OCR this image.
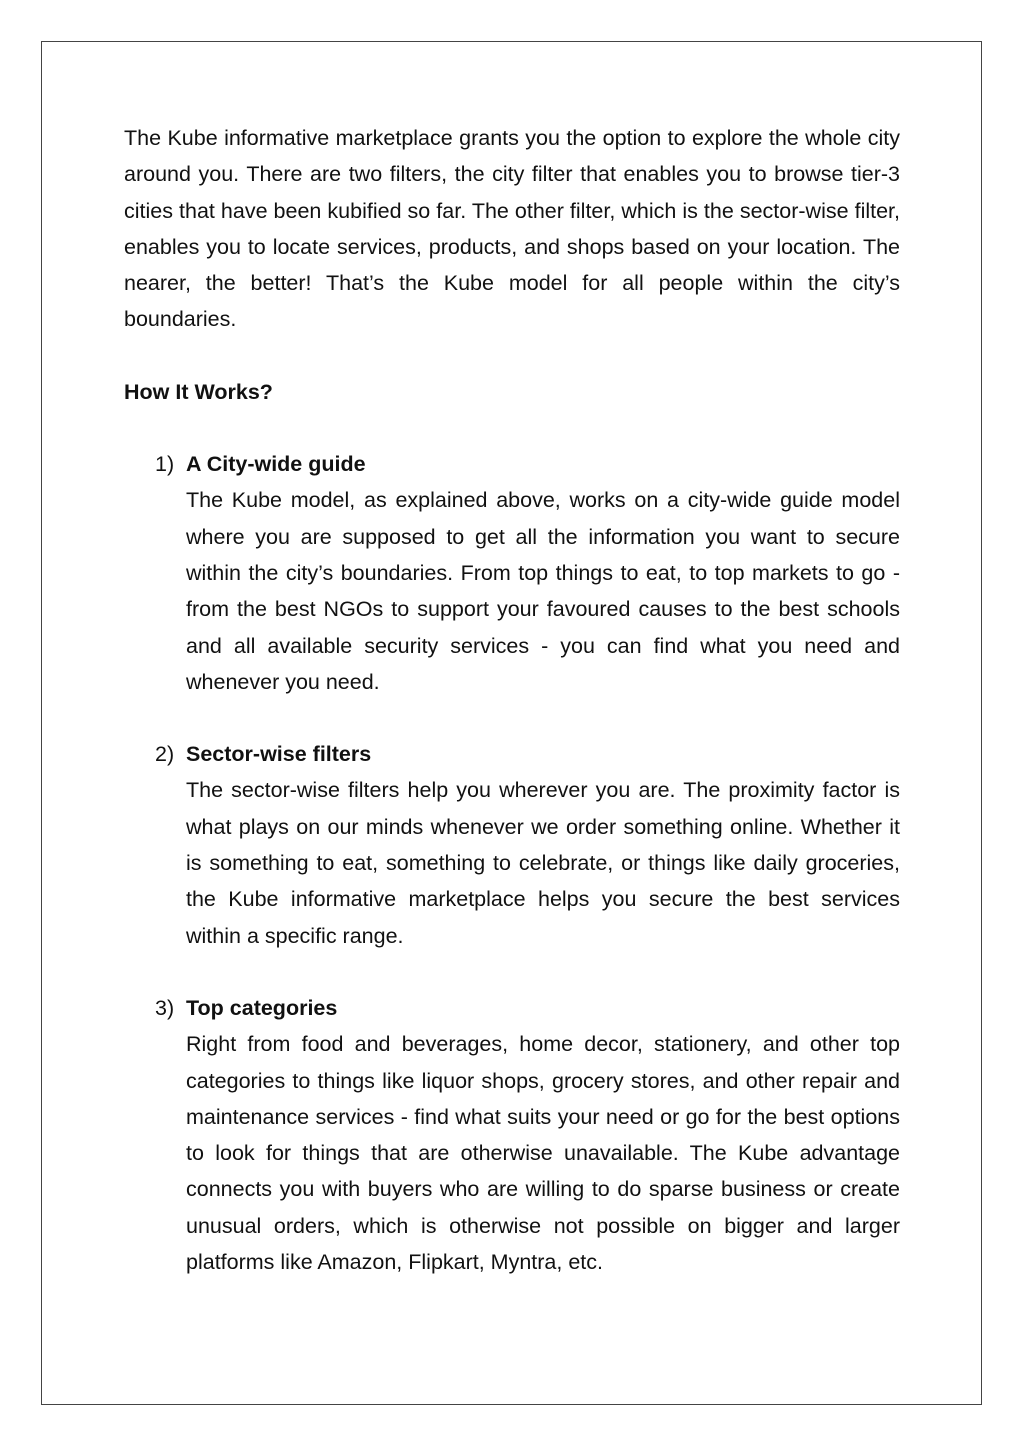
The Kube informative marketplace grants you the option to explore the whole city around you. There are two filters, the city filter that enables you to browse tier-3 cities that have been kubified so far. The other filter, which is the sector-wise filter, enables you to locate services, products, and shops based on your location. The nearer, the better! That’s the Kube model for all people within the city’s boundaries.

How It Works?

1) A City-wide guide

The Kube model, as explained above, works on a city-wide guide model where you are supposed to get all the information you want to secure within the city’s boundaries. From top things to eat, to top markets to go - from the best NGOs to support your favoured causes to the best schools and all available security services - you can find what you need and whenever you need.

2) Sector-wise filters

The sector-wise filters help you wherever you are. The proximity factor is what plays on our minds whenever we order something online. Whether it is something to eat, something to celebrate, or things like daily groceries, the Kube informative marketplace helps you secure the best services within a specific range.

3) Top categories

Right from food and beverages, home decor, stationery, and other top categories to things like liquor shops, grocery stores, and other repair and maintenance services - find what suits your need or go for the best options to look for things that are otherwise unavailable. The Kube advantage connects you with buyers who are willing to do sparse business or create unusual orders, which is otherwise not possible on bigger and larger platforms like Amazon, Flipkart, Myntra, etc.
